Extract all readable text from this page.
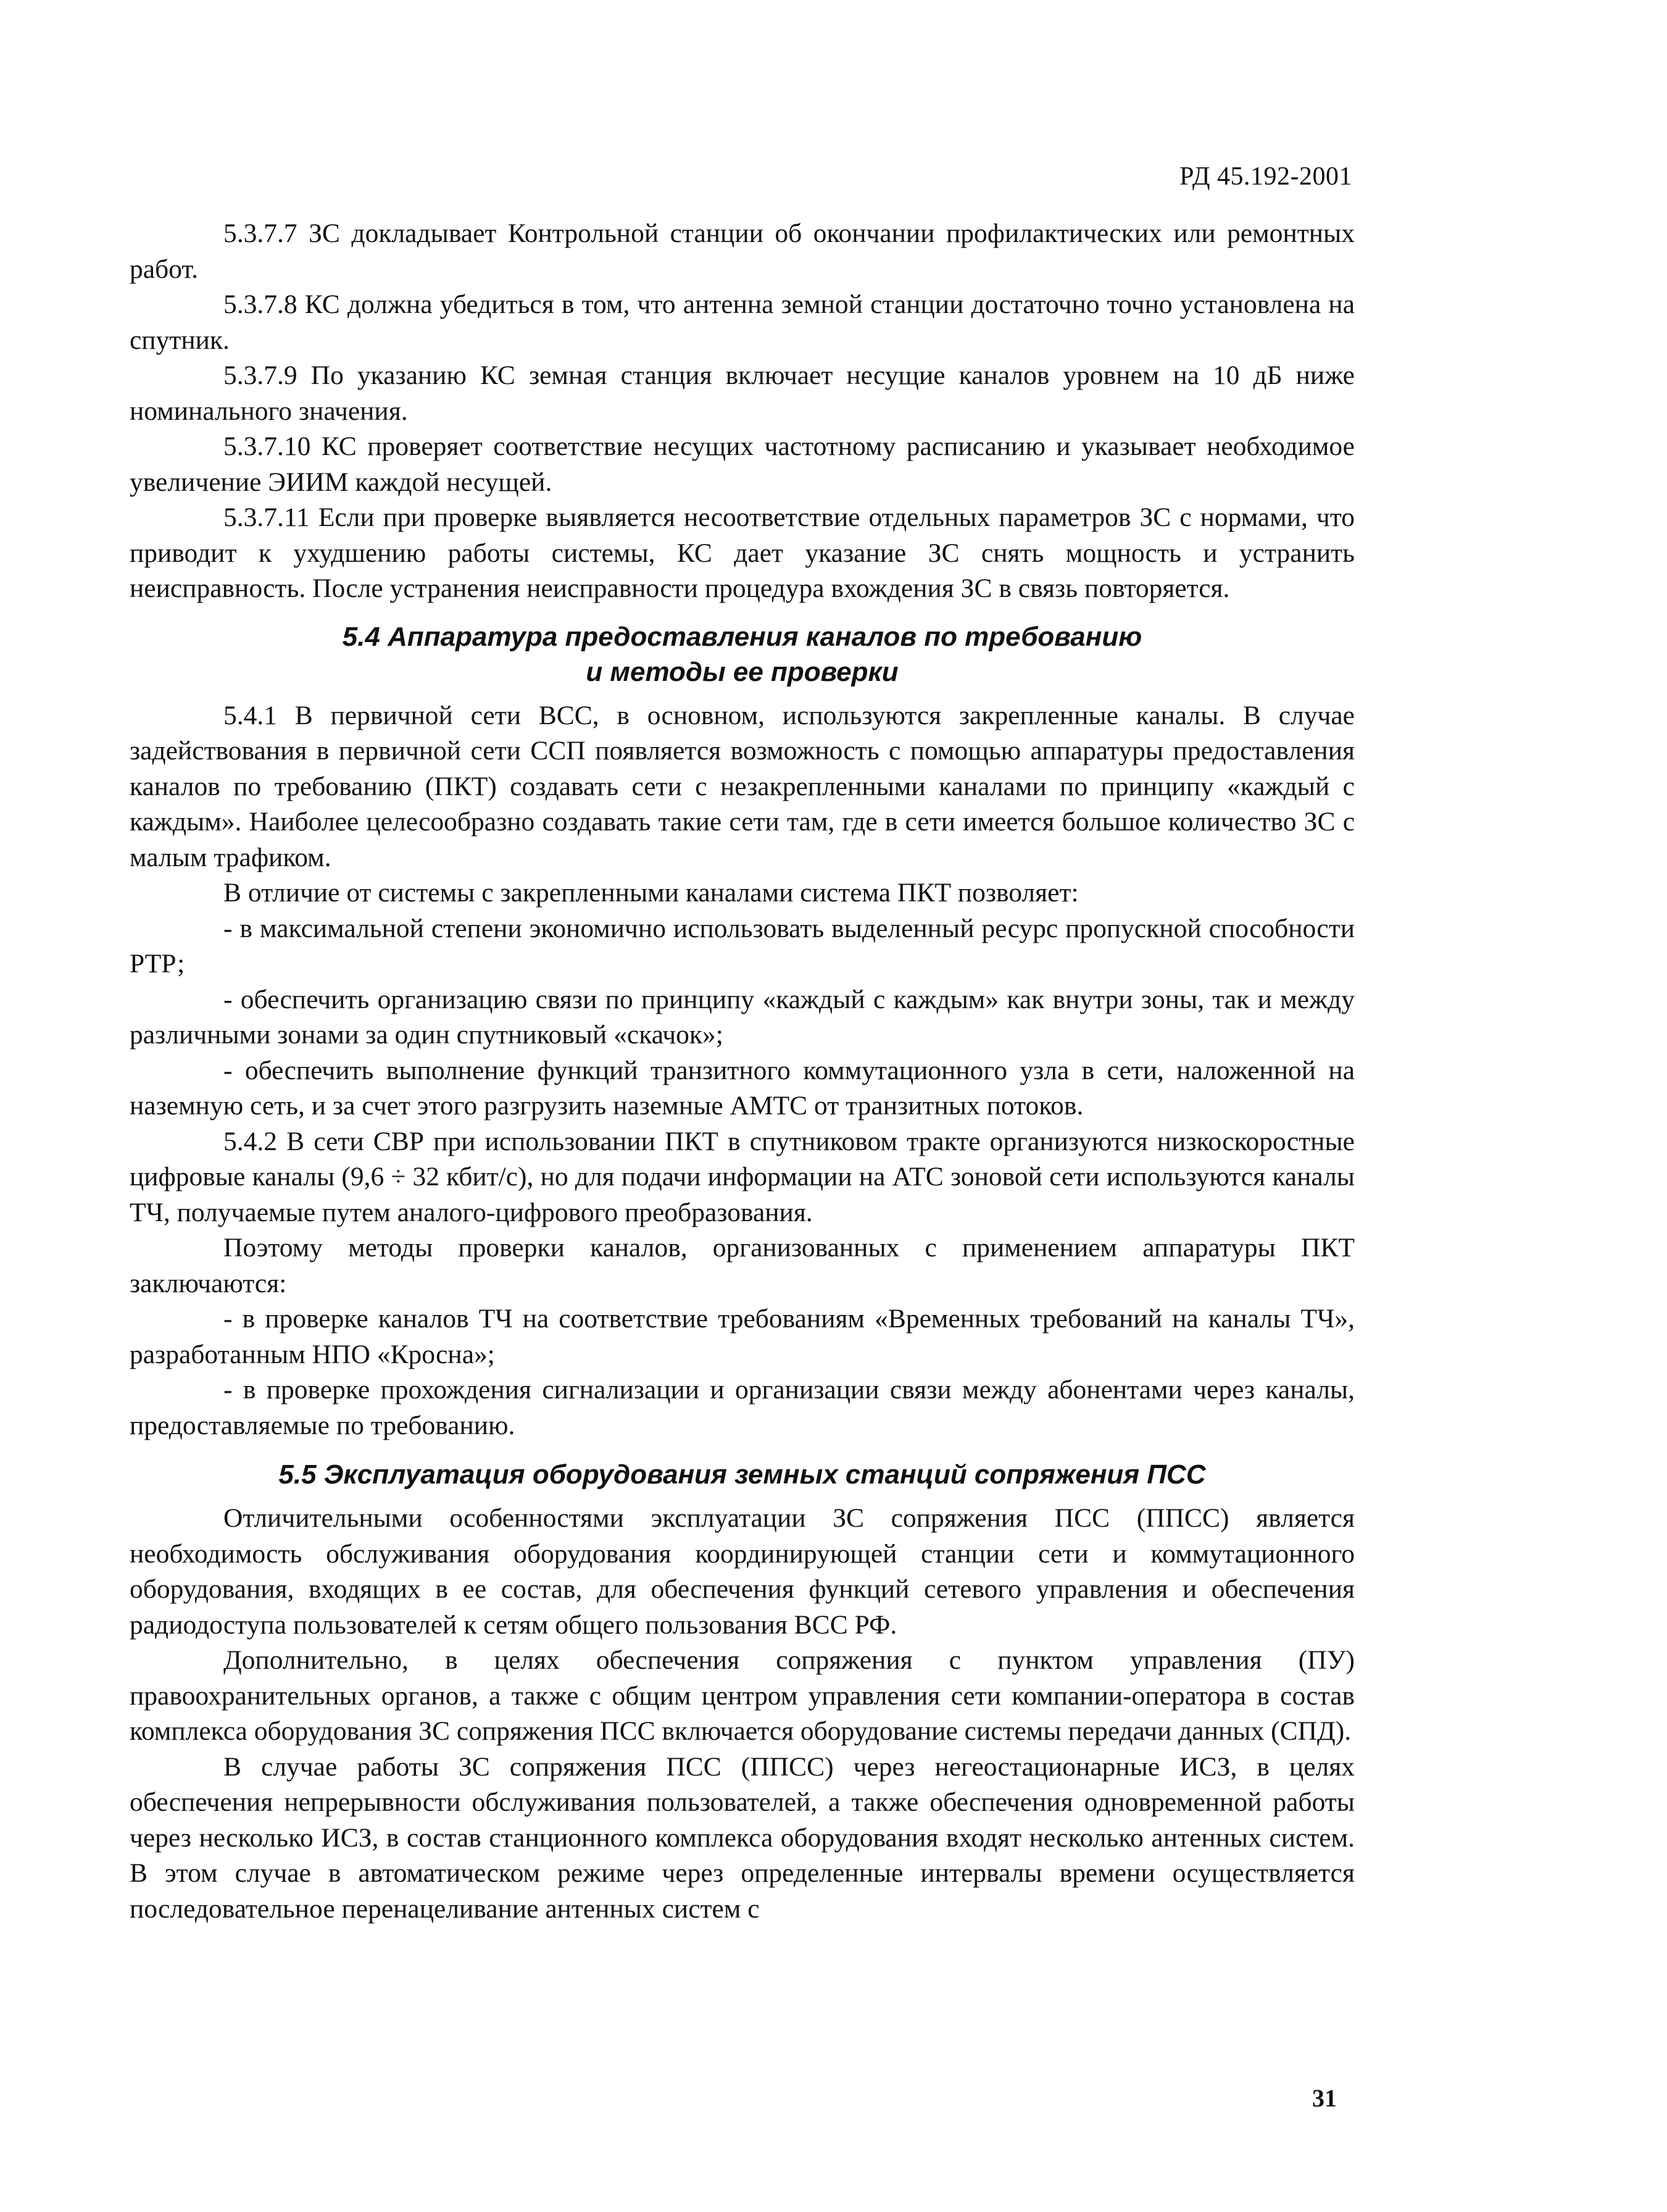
РД 45.192-2001

5.3.7.7 ЗС докладывает Контрольной станции об окончании профилактических или ремонтных работ.

5.3.7.8 КС должна убедиться в том, что антенна земной станции достаточно точно установлена на спутник.

5.3.7.9 По указанию КС земная станция включает несущие каналов уровнем на 10 дБ ниже номинального значения.

5.3.7.10 КС проверяет соответствие несущих частотному расписанию и указывает необходимое увеличение ЭИИМ каждой несущей.

5.3.7.11 Если при проверке выявляется несоответствие отдельных параметров ЗС с нормами, что приводит к ухудшению работы системы, КС дает указание ЗС снять мощность и устранить неисправность. После устранения неисправности процедура вхождения ЗС в связь повторяется.

5.4 Аппаратура предоставления каналов по требованию
и методы ее проверки

5.4.1 В первичной сети ВСС, в основном, используются закрепленные каналы. В случае задействования в первичной сети ССП появляется возможность с помощью аппаратуры предоставления каналов по требованию (ПКТ) создавать сети с незакрепленными каналами по принципу «каждый с каждым». Наиболее целесообразно создавать такие сети там, где в сети имеется большое количество ЗС с малым трафиком.

В отличие от системы с закрепленными каналами система ПКТ позволяет:

- в максимальной степени экономично использовать выделенный ресурс пропускной способности РТР;

- обеспечить организацию связи по принципу «каждый с каждым» как внутри зоны, так и между различными зонами за один спутниковый «скачок»;

- обеспечить выполнение функций транзитного коммутационного узла в сети, наложенной на наземную сеть, и за счет этого разгрузить наземные АМТС от транзитных потоков.

5.4.2 В сети СВР при использовании ПКТ в спутниковом тракте организуются низкоскоростные цифровые каналы (9,6 ÷ 32 кбит/с), но для подачи информации на АТС зоновой сети используются каналы ТЧ, получаемые путем аналого-цифрового преобразования.

Поэтому методы проверки каналов, организованных с применением аппаратуры ПКТ заключаются:

- в проверке каналов ТЧ на соответствие требованиям «Временных требований на каналы ТЧ», разработанным НПО «Кросна»;

- в проверке прохождения сигнализации и организации связи между абонентами через каналы, предоставляемые по требованию.

5.5 Эксплуатация оборудования земных станций сопряжения ПСС

Отличительными особенностями эксплуатации ЗС сопряжения ПСС (ППСС) является необходимость обслуживания оборудования координирующей станции сети и коммутационного оборудования, входящих в ее состав, для обеспечения функций сетевого управления и обеспечения радиодоступа пользователей к сетям общего пользования ВСС РФ.

Дополнительно, в целях обеспечения сопряжения с пунктом управления (ПУ) правоохранительных органов, а также с общим центром управления сети компании-оператора в состав комплекса оборудования ЗС сопряжения ПСС включается оборудование системы передачи данных (СПД).

В случае работы ЗС сопряжения ПСС (ППСС) через негеостационарные ИСЗ, в целях обеспечения непрерывности обслуживания пользователей, а также обеспечения одновременной работы через несколько ИСЗ, в состав станционного комплекса оборудования входят несколько антенных систем. В этом случае в автоматическом режиме через определенные интервалы времени осуществляется последовательное перенацеливание антенных систем с

31
